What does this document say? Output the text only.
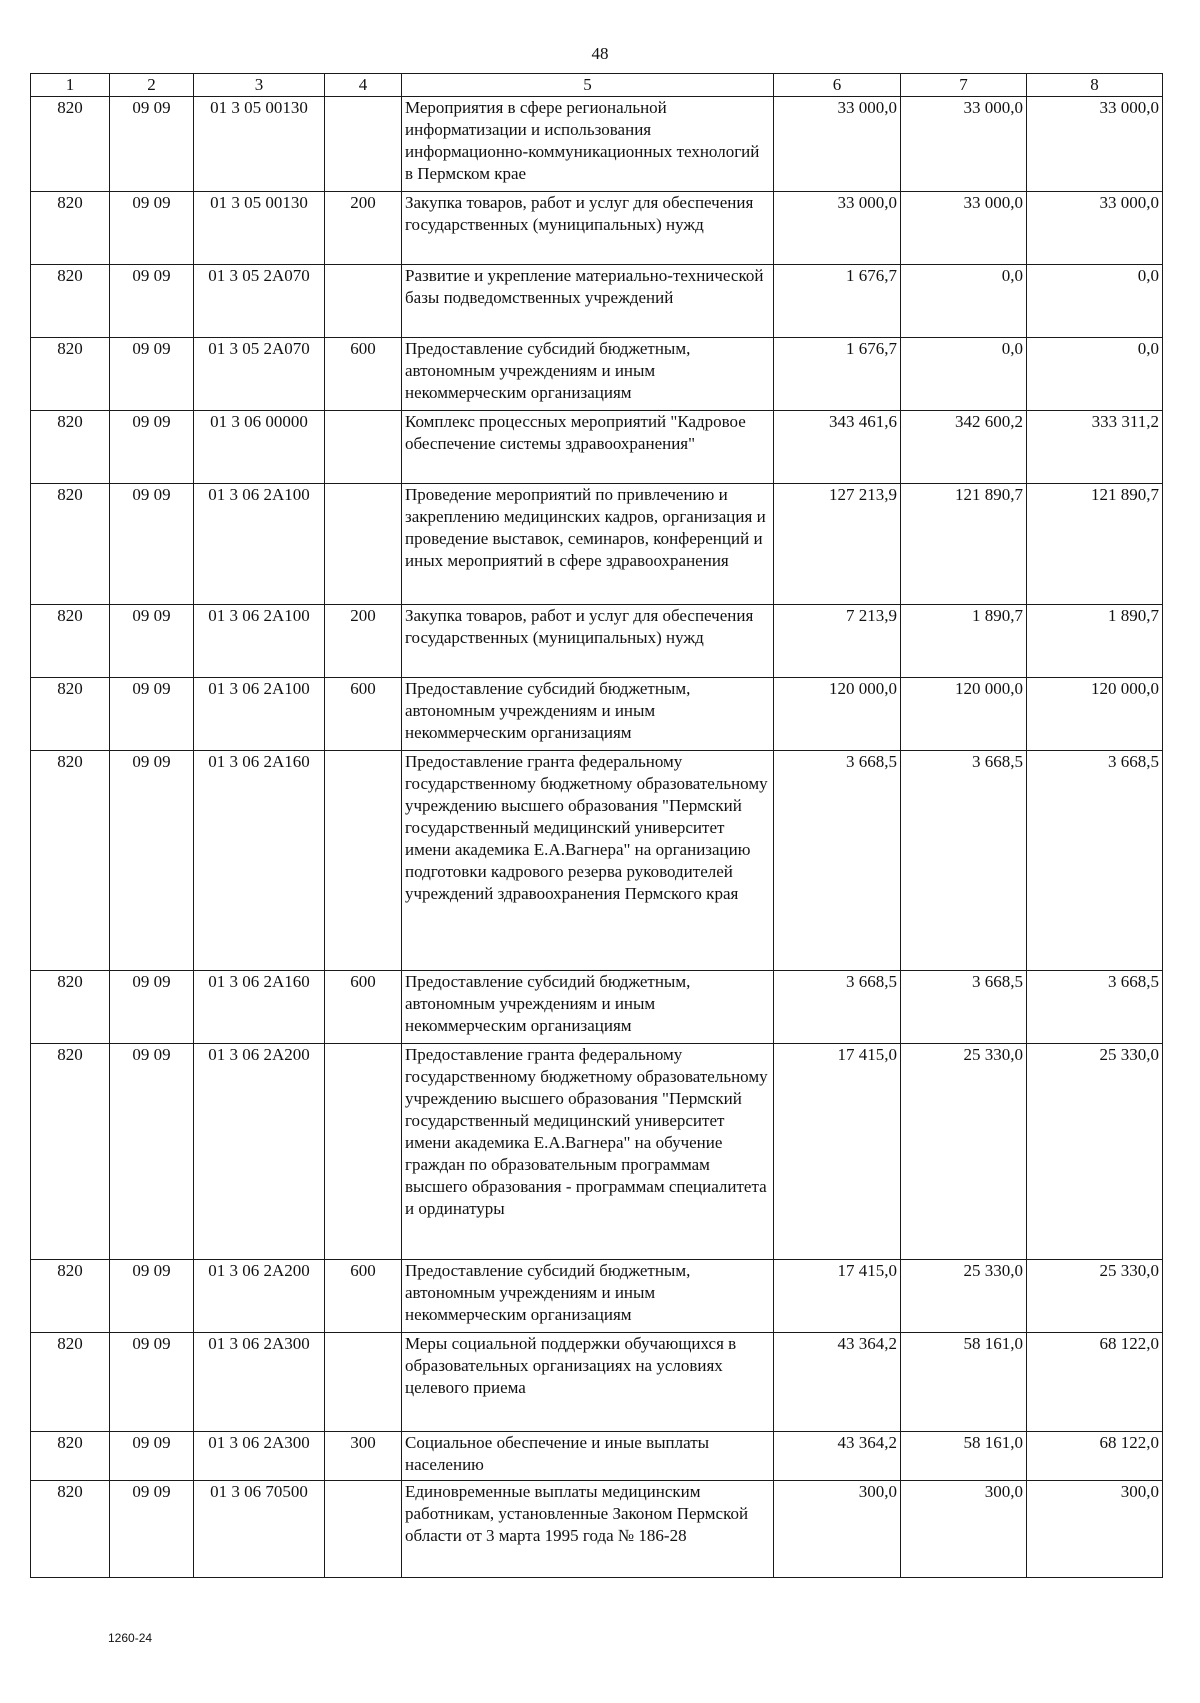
48
1	2	3	4	5	6	7	8
820	09 09	01 3 05 00130		Мероприятия в сфере региональной информатизации и использования информационно-коммуникационных технологий в Пермском крае	33 000,0	33 000,0	33 000,0
820	09 09	01 3 05 00130	200	Закупка товаров, работ и услуг для обеспечения государственных (муниципальных) нужд	33 000,0	33 000,0	33 000,0
820	09 09	01 3 05 2А070		Развитие и укрепление материально-технической базы подведомственных учреждений	1 676,7	0,0	0,0
820	09 09	01 3 05 2А070	600	Предоставление субсидий бюджетным, автономным учреждениям и иным некоммерческим организациям	1 676,7	0,0	0,0
820	09 09	01 3 06 00000		Комплекс процессных мероприятий "Кадровое обеспечение системы здравоохранения"	343 461,6	342 600,2	333 311,2
820	09 09	01 3 06 2А100		Проведение мероприятий по привлечению и закреплению медицинских кадров, организация и проведение выставок, семинаров, конференций и иных мероприятий в сфере здравоохранения	127 213,9	121 890,7	121 890,7
820	09 09	01 3 06 2А100	200	Закупка товаров, работ и услуг для обеспечения государственных (муниципальных) нужд	7 213,9	1 890,7	1 890,7
820	09 09	01 3 06 2А100	600	Предоставление субсидий бюджетным, автономным учреждениям и иным некоммерческим организациям	120 000,0	120 000,0	120 000,0
820	09 09	01 3 06 2А160		Предоставление гранта федеральному государственному бюджетному образовательному учреждению высшего образования "Пермский государственный медицинский университет имени академика Е.А.Вагнера" на организацию подготовки кадрового резерва руководителей учреждений здравоохранения Пермского края	3 668,5	3 668,5	3 668,5
820	09 09	01 3 06 2А160	600	Предоставление субсидий бюджетным, автономным учреждениям и иным некоммерческим организациям	3 668,5	3 668,5	3 668,5
820	09 09	01 3 06 2А200		Предоставление гранта федеральному государственному бюджетному образовательному учреждению высшего образования "Пермский государственный медицинский университет имени академика Е.А.Вагнера" на обучение граждан по образовательным программам высшего образования - программам специалитета и ординатуры	17 415,0	25 330,0	25 330,0
820	09 09	01 3 06 2А200	600	Предоставление субсидий бюджетным, автономным учреждениям и иным некоммерческим организациям	17 415,0	25 330,0	25 330,0
820	09 09	01 3 06 2А300		Меры социальной поддержки обучающихся в образовательных организациях на условиях целевого приема	43 364,2	58 161,0	68 122,0
820	09 09	01 3 06 2А300	300	Социальное обеспечение и иные выплаты населению	43 364,2	58 161,0	68 122,0
820	09 09	01 3 06 70500		Единовременные выплаты медицинским работникам, установленные Законом Пермской области от 3 марта 1995 года № 186-28	300,0	300,0	300,0
1260-24
